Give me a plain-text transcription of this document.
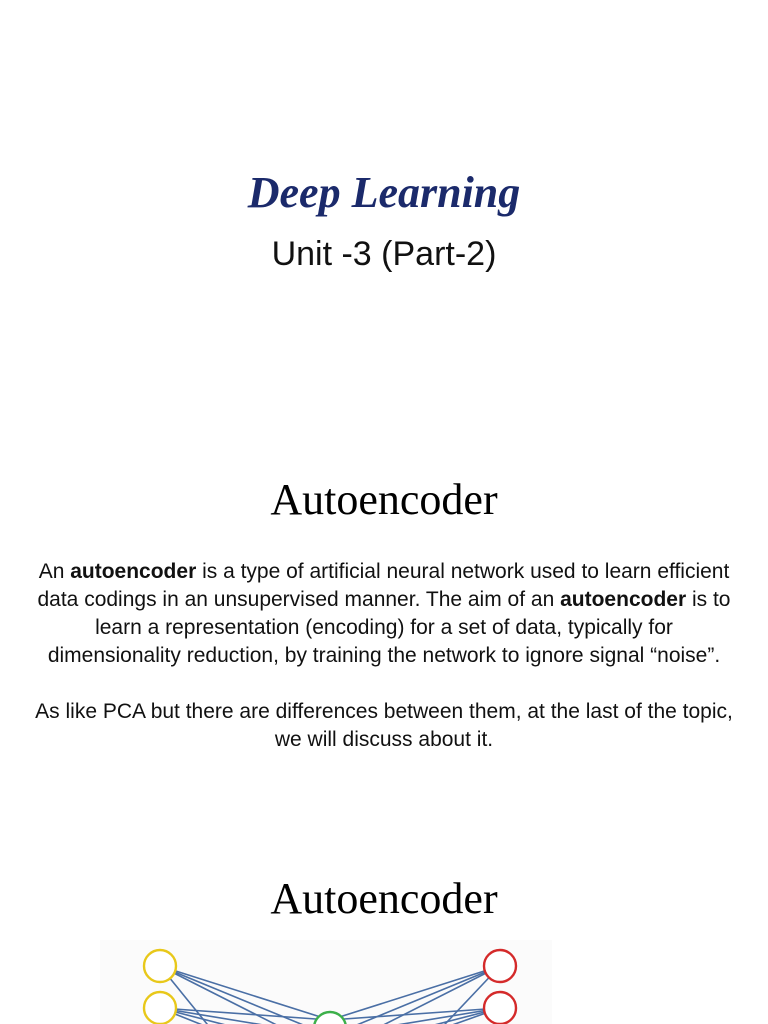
Deep Learning
Unit -3 (Part-2)
Autoencoder

An autoencoder is a type of artificial neural network used to learn efficient data codings in an unsupervised manner. The aim of an autoencoder is to learn a representation (encoding) for a set of data, typically for dimensionality reduction, by training the network to ignore signal “noise”.

As like PCA but there are differences between them, at the last of the topic, we will discuss about it.

Autoencoder
